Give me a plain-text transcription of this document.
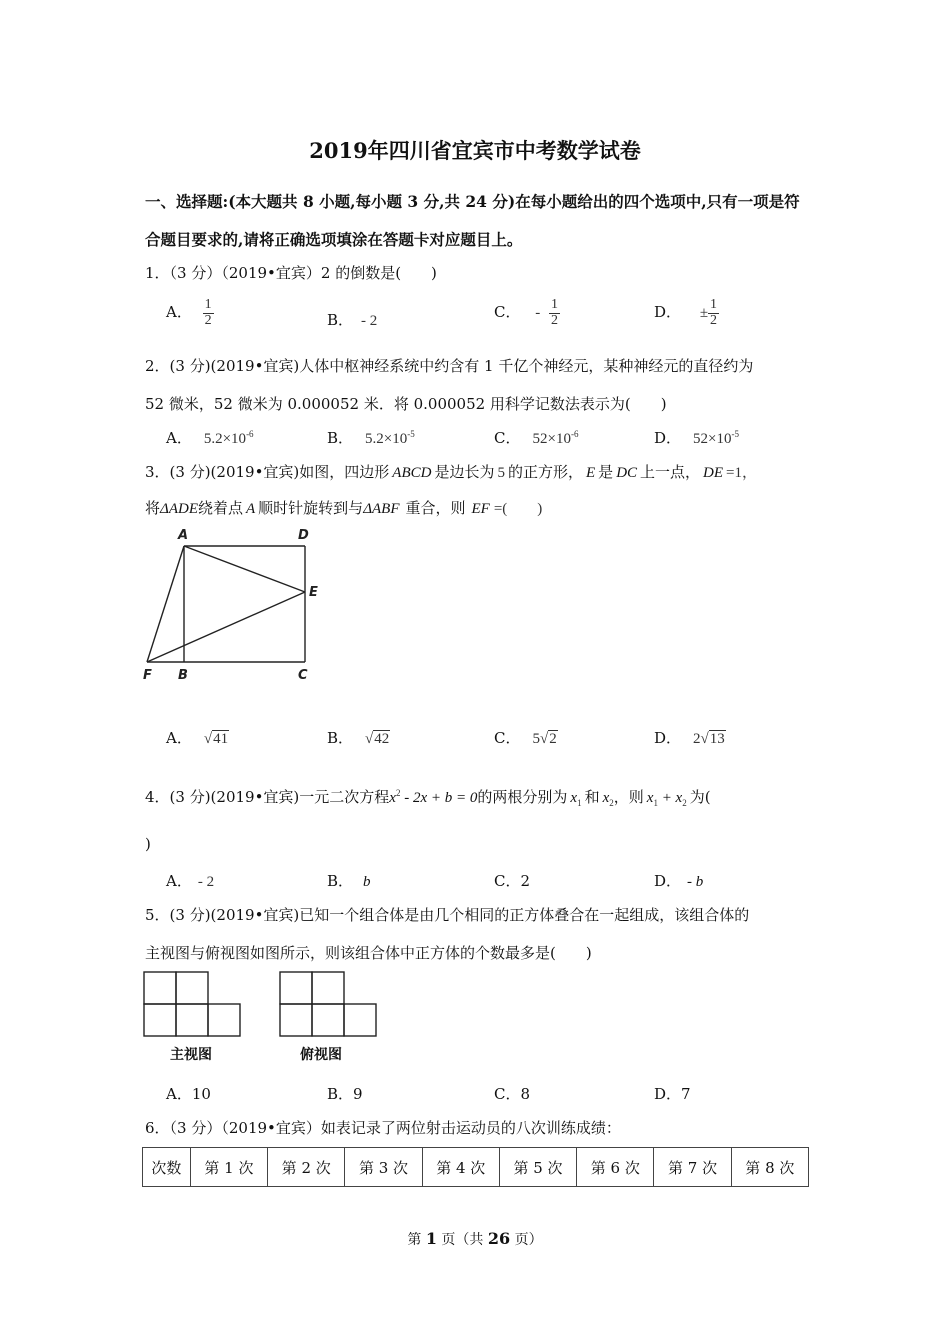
2019年四川省宜宾市中考数学试卷
一、选择题:(本大题共 8 小题,每小题 3 分,共 24 分)在每小题给出的四个选项中,只有一项是符
合题目要求的,请将正确选项填涂在答题卡对应题目上。
1．（3 分）（2019•宜宾）2 的倒数是(　　)
A． $\frac{1}{2}$	B． - 2	C． - $\frac{1}{2}$	D． ± $\frac{1}{2}$
2．(3 分)(2019•宜宾)人体中枢神经系统中约含有 1 千亿个神经元，某种神经元的直径约为
52 微米，52 微米为 0.000052 米．将 0.000052 用科学记数法表示为(　　)
A． $5.2\times 10^{-6}$	B． $5.2\times 10^{-5}$	C． $52\times 10^{-6}$	D． $52\times 10^{-5}$
3．(3 分)(2019•宜宾)如图，四边形 ABCD 是边长为 5 的正方形， E 是 DC 上一点， DE =1，
将ΔADE绕着点 A 顺时针旋转到与ΔABF 重合，则 EF =(　　)
A	D
E
F B	C
A． √41	B． √42	C． 5√2	D． 2√13
4．(3 分)(2019•宜宾)一元二次方程$x^2 - 2x + b = 0$的两根分别为 $x_1$ 和 $x_2$，则 $x_1 + x_2$ 为(
)
A． - 2	B． b	C．2	D． - b
5．(3 分)(2019•宜宾)已知一个组合体是由几个相同的正方体叠合在一起组成，该组合体的
主视图与俯视图如图所示，则该组合体中正方体的个数最多是(　　)
主视图	俯视图
A．10	B．9	C．8	D．7
6．（3 分）（2019•宜宾）如表记录了两位射击运动员的八次训练成绩：
次数	第 1 次	第 2 次	第 3 次	第 4 次	第 5 次	第 6 次	第 7 次	第 8 次
第 1 页（共 26 页）
